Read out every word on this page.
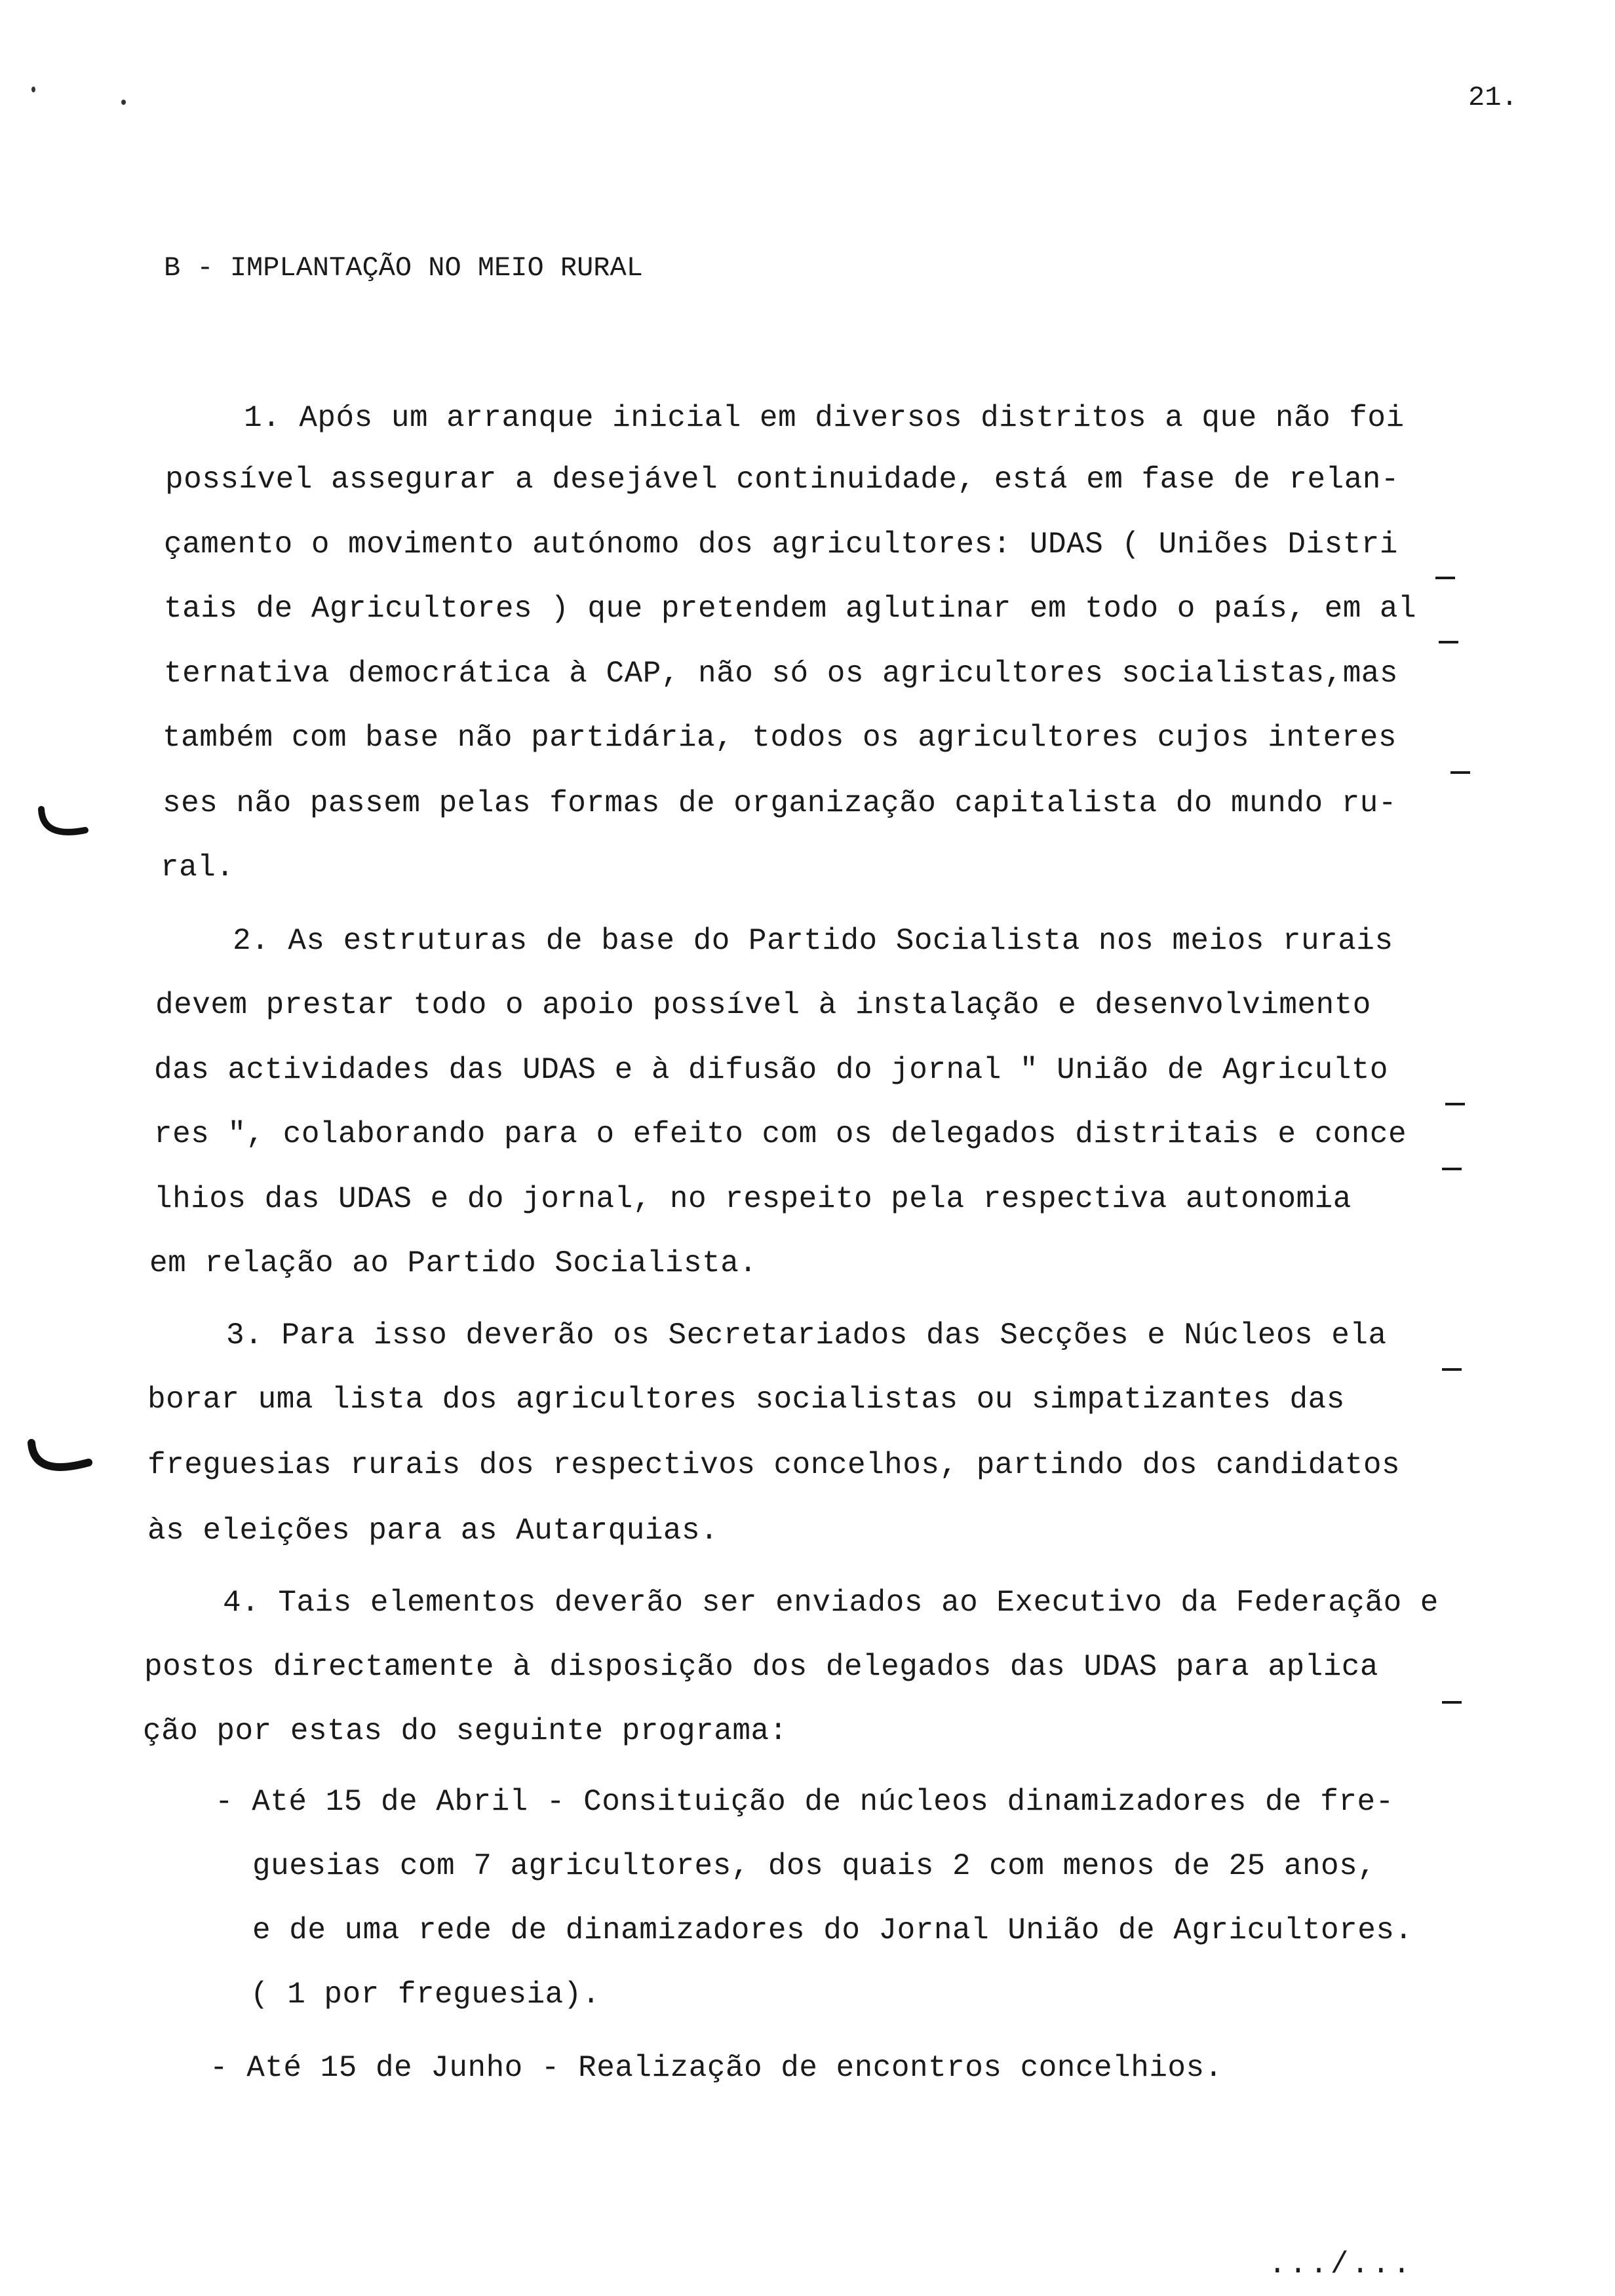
21.
B - IMPLANTAÇÃO NO MEIO RURAL
1. Após um arranque inicial em diversos distritos a que não foi
possível assegurar a desejável continuidade, está em fase de relan-
çamento o movimento autónomo dos agricultores: UDAS ( Uniões Distri
tais de Agricultores ) que pretendem aglutinar em todo o país, em al
ternativa democrática à CAP, não só os agricultores socialistas,mas
também com base não partidária, todos os agricultores cujos interes
ses não passem pelas formas de organização capitalista do mundo ru-
ral.
2. As estruturas de base do Partido Socialista nos meios rurais
devem prestar todo o apoio possível à instalação e desenvolvimento
das actividades das UDAS e à difusão do jornal " União de Agriculto
res ", colaborando para o efeito com os delegados distritais e conce
lhios das UDAS e do jornal, no respeito pela respectiva autonomia
em relação ao Partido Socialista.
3. Para isso deverão os Secretariados das Secções e Núcleos ela
borar uma lista dos agricultores socialistas ou simpatizantes das
freguesias rurais dos respectivos concelhos, partindo dos candidatos
às eleições para as Autarquias.
4. Tais elementos deverão ser enviados ao Executivo da Federação e
postos directamente à disposição dos delegados das UDAS para aplica
ção por estas do seguinte programa:
- Até 15 de Abril - Consituição de núcleos dinamizadores de fre-
guesias com 7 agricultores, dos quais 2 com menos de 25 anos,
e de uma rede de dinamizadores do Jornal União de Agricultores.
( 1 por freguesia).
- Até 15 de Junho - Realização de encontros concelhios.
.../...
